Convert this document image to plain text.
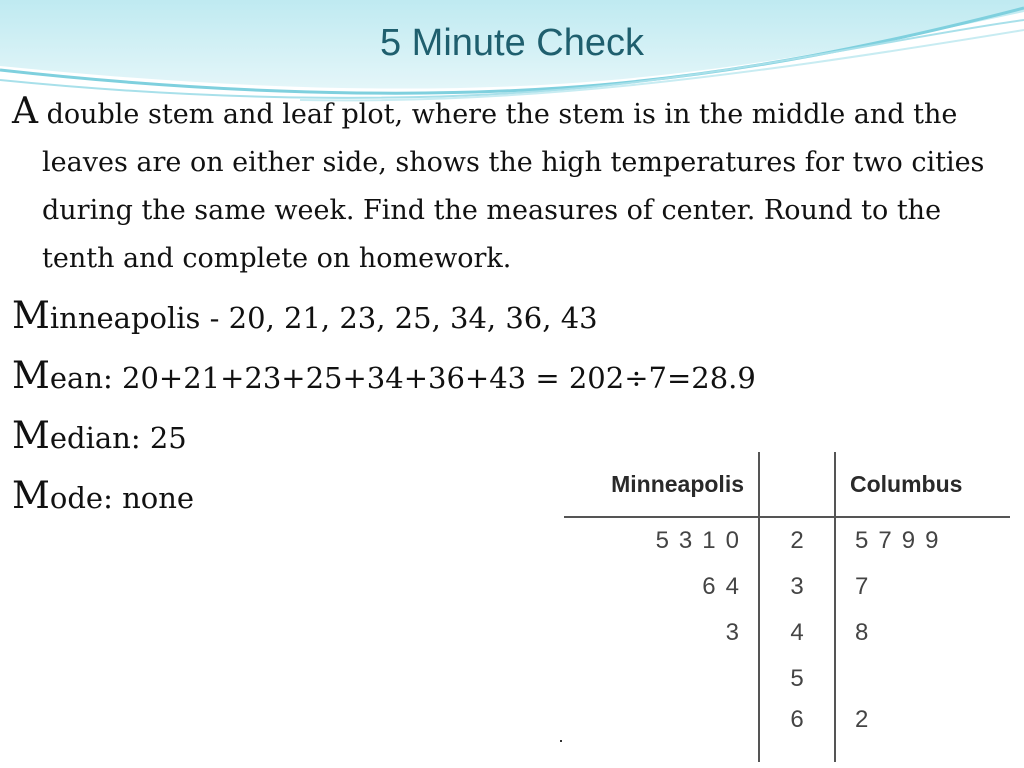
5 Minute Check

A double stem and leaf plot, where the stem is in the middle and the leaves are on either side, shows the high temperatures for two cities during the same week. Find the measures of center. Round to the tenth and complete on homework.

Minneapolis - 20, 21, 23, 25, 34, 36, 43

Mean: 20+21+23+25+34+36+43 = 202÷7=28.9

Median: 25

Mode: none	Minneapolis		Columbus
5 3 1 0	2	5 7 9 9
6 4	3	7
3	4	8
	5	
	6	2
